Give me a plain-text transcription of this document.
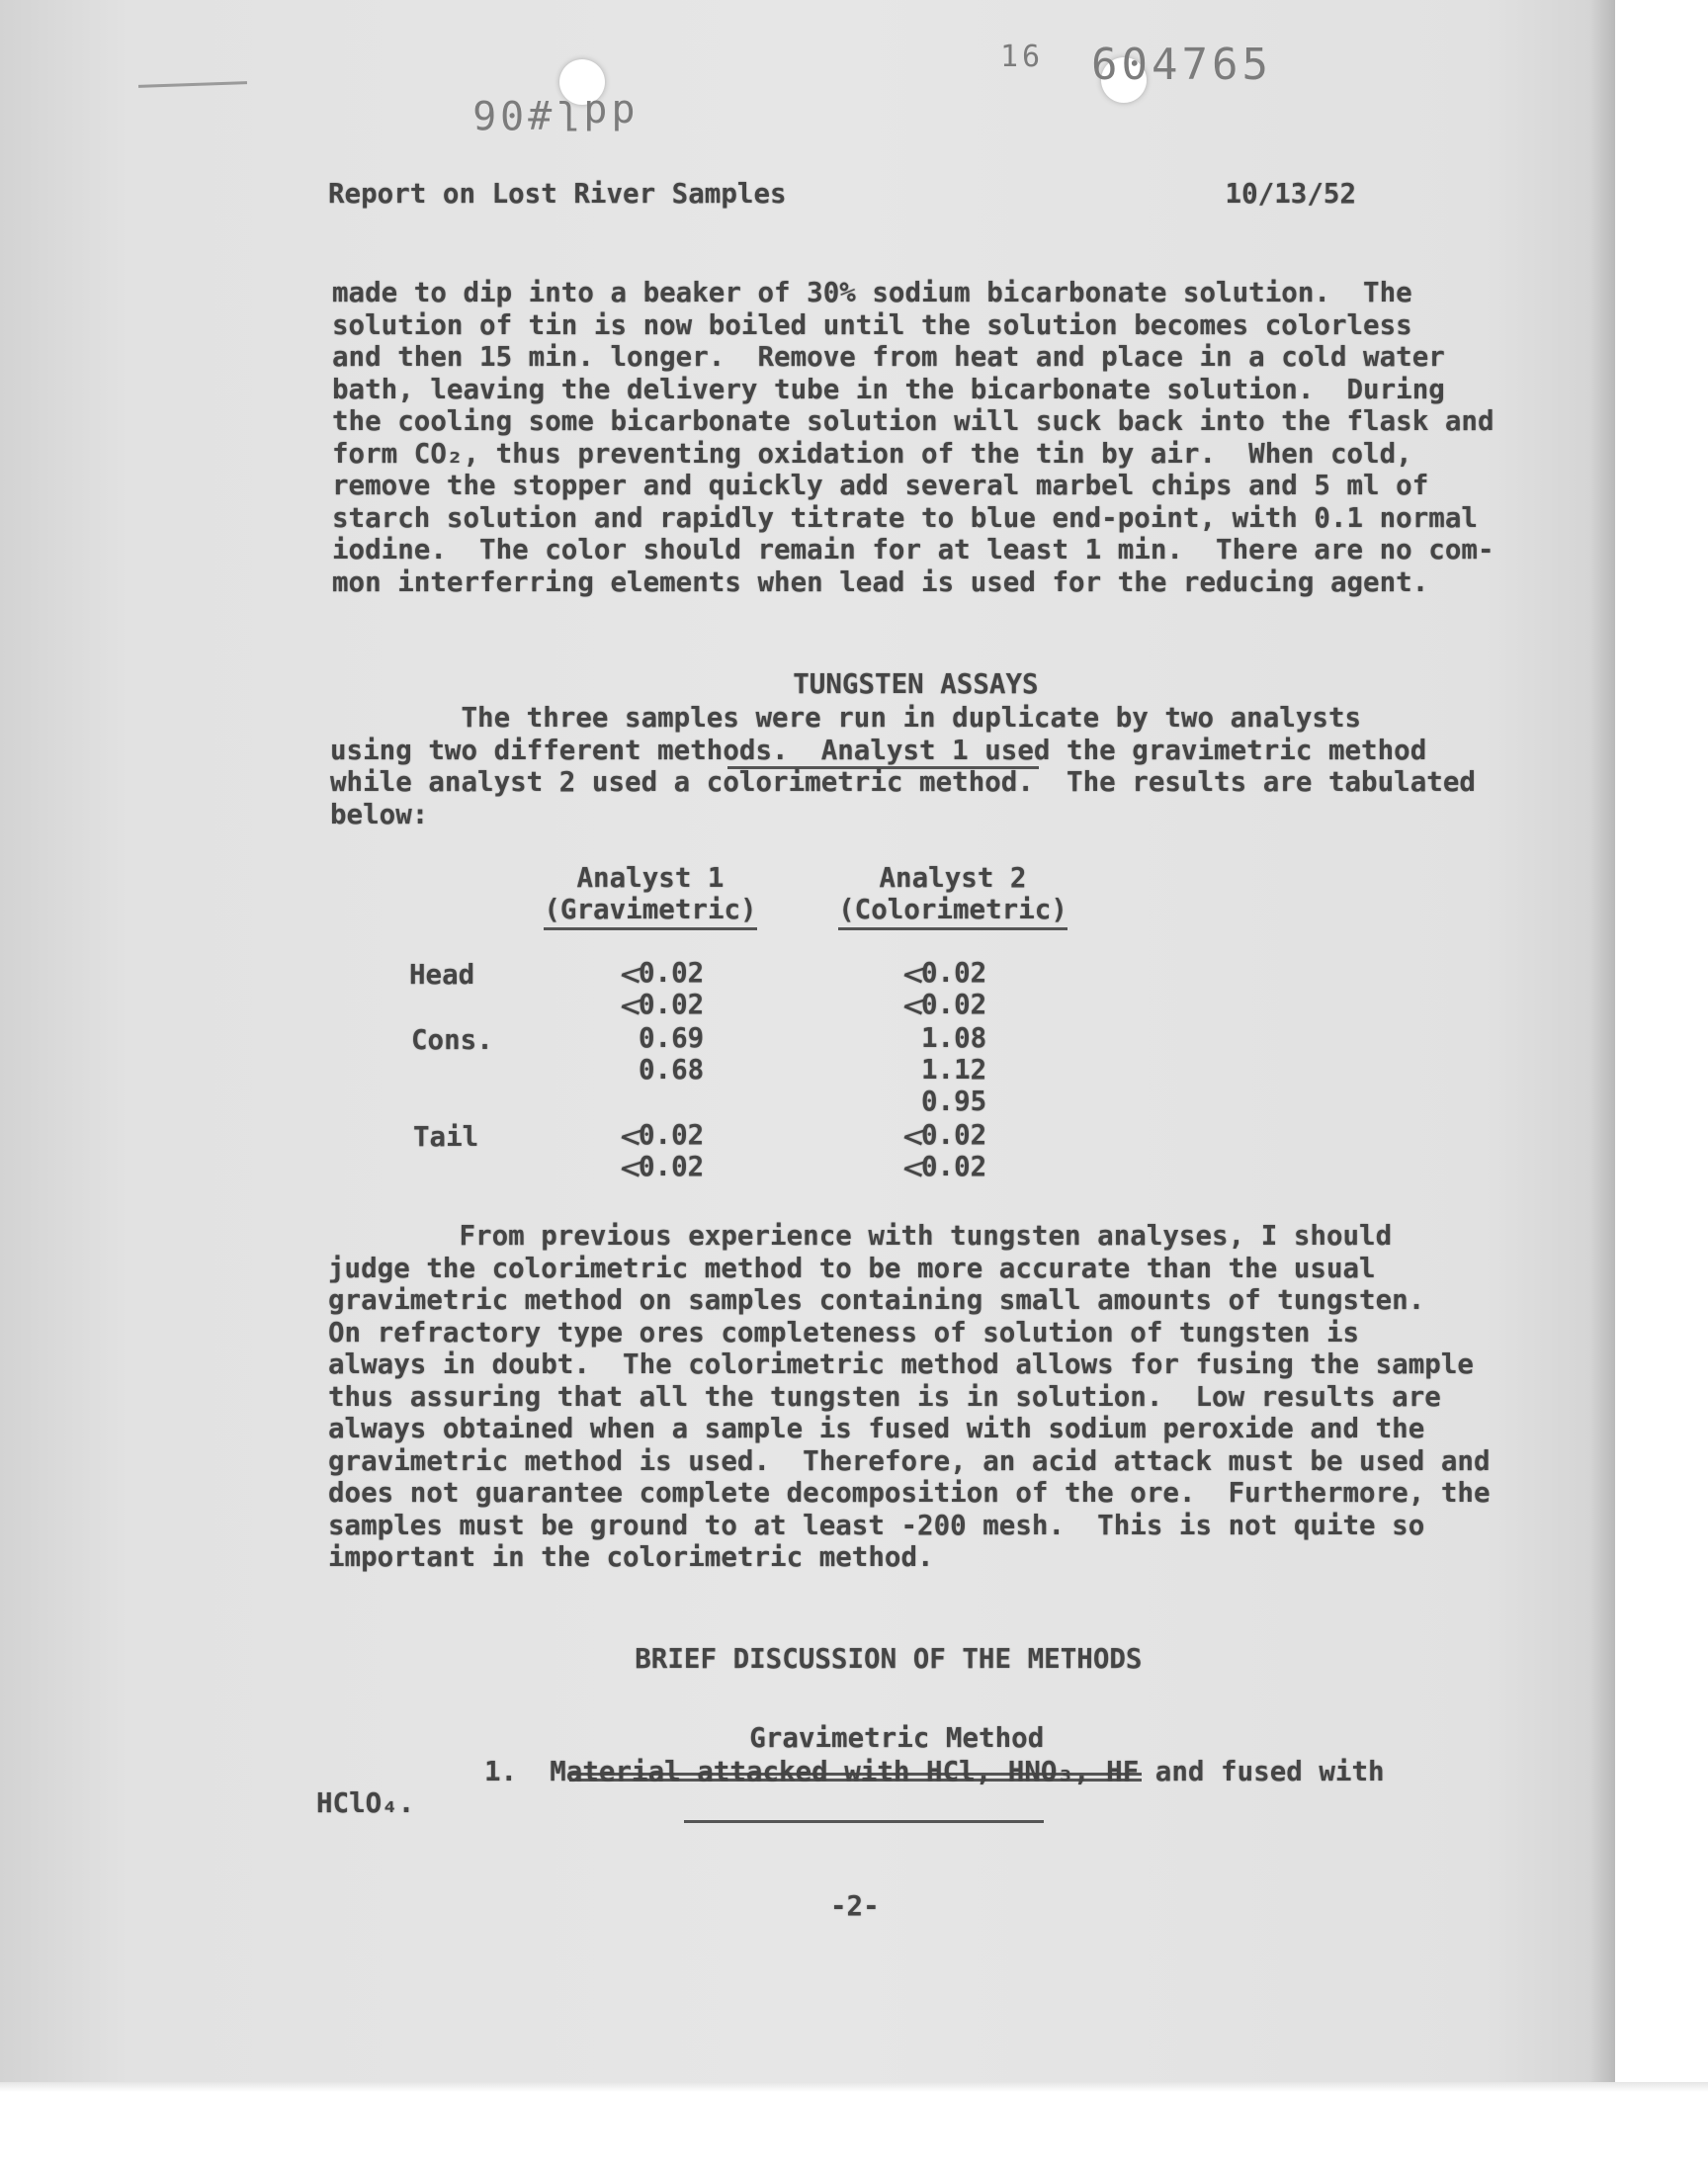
ddl#06
16 604765
Report on Lost River Samples	10/13/52
made to dip into a beaker of 30% sodium bicarbonate solution.  The
solution of tin is now boiled until the solution becomes colorless
and then 15 min. longer.  Remove from heat and place in a cold water
bath, leaving the delivery tube in the bicarbonate solution.  During
the cooling some bicarbonate solution will suck back into the flask and
form CO₂, thus preventing oxidation of the tin by air.  When cold,
remove the stopper and quickly add several marbel chips and 5 ml of
starch solution and rapidly titrate to blue end-point, with 0.1 normal
iodine.  The color should remain for at least 1 min.  There are no com-
mon interferring elements when lead is used for the reducing agent.

TUNGSTEN ASSAYS

The three samples were run in duplicate by two analysts
using two different methods.  Analyst 1 used the gravimetric method
while analyst 2 used a colorimetric method.  The results are tabulated
below:
Analyst 1
(Gravimetric)
Analyst 2
(Colorimetric)
Head
Cons.
Tail
<
0.02
<
0.02
0.69
0.68
<
0.02
<
0.02
<
0.02
<
0.02
1.08
1.12
0.95
<
0.02
<
0.02
From previous experience with tungsten analyses, I should
judge the colorimetric method to be more accurate than the usual
gravimetric method on samples containing small amounts of tungsten.
On refractory type ores completeness of solution of tungsten is
always in doubt.  The colorimetric method allows for fusing the sample
thus assuring that all the tungsten is in solution.  Low results are
always obtained when a sample is fused with sodium peroxide and the
gravimetric method is used.  Therefore, an acid attack must be used and
does not guarantee complete decomposition of the ore.  Furthermore, the
samples must be ground to at least -200 mesh.  This is not quite so
important in the colorimetric method.

BRIEF DISCUSSION OF THE METHODS

Gravimetric Method

1.  Material attacked with HCl, HNO₃, HF and fused with
HClO₄.
-2-
